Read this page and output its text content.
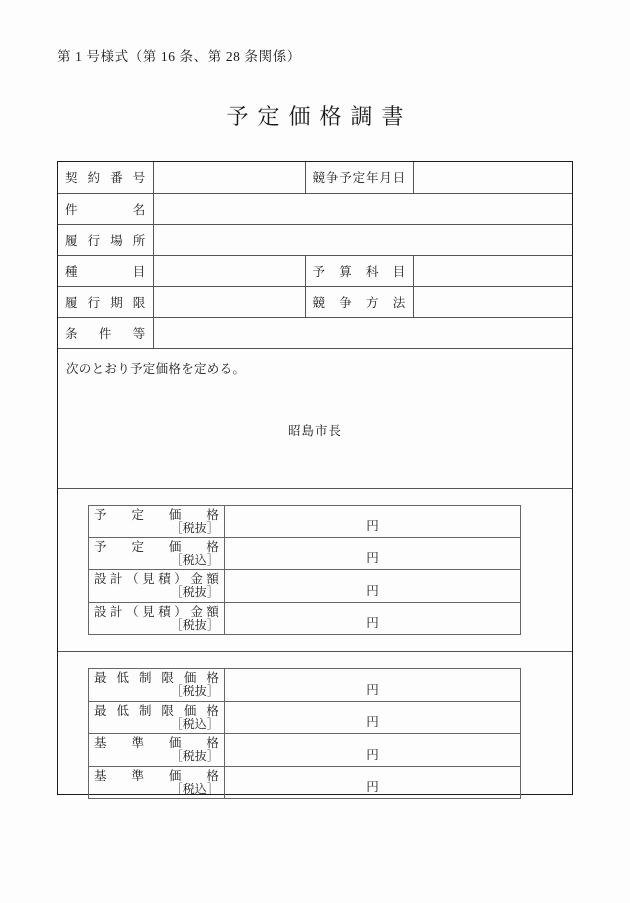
第 1 号様式（第 16 条、第 28 条関係）
予定価格調書
契 約 番 号		競争予定年月日	
件　　　　名			
履 行 場 所			
種　　　　目		予 算 科 目	
履 行 期 限		競 争 方 法	
条　 件 　等			
次のとおり予定価格を定める。
昭島市長
予 　定 　価 　格
［税抜］	円

予 　定 　価 　格
［税込］	円

設 計 （ 見 積 ） 金 額
［税抜］	円

設 計 （ 見 積 ） 金 額
［税抜］	円
最 低 制 限 価 格
［税抜］	円

最 低 制 限 価 格
［税込］	円

基 　準 　価 　格
［税抜］	円

基 　準 　価 　格
［税込］	円
